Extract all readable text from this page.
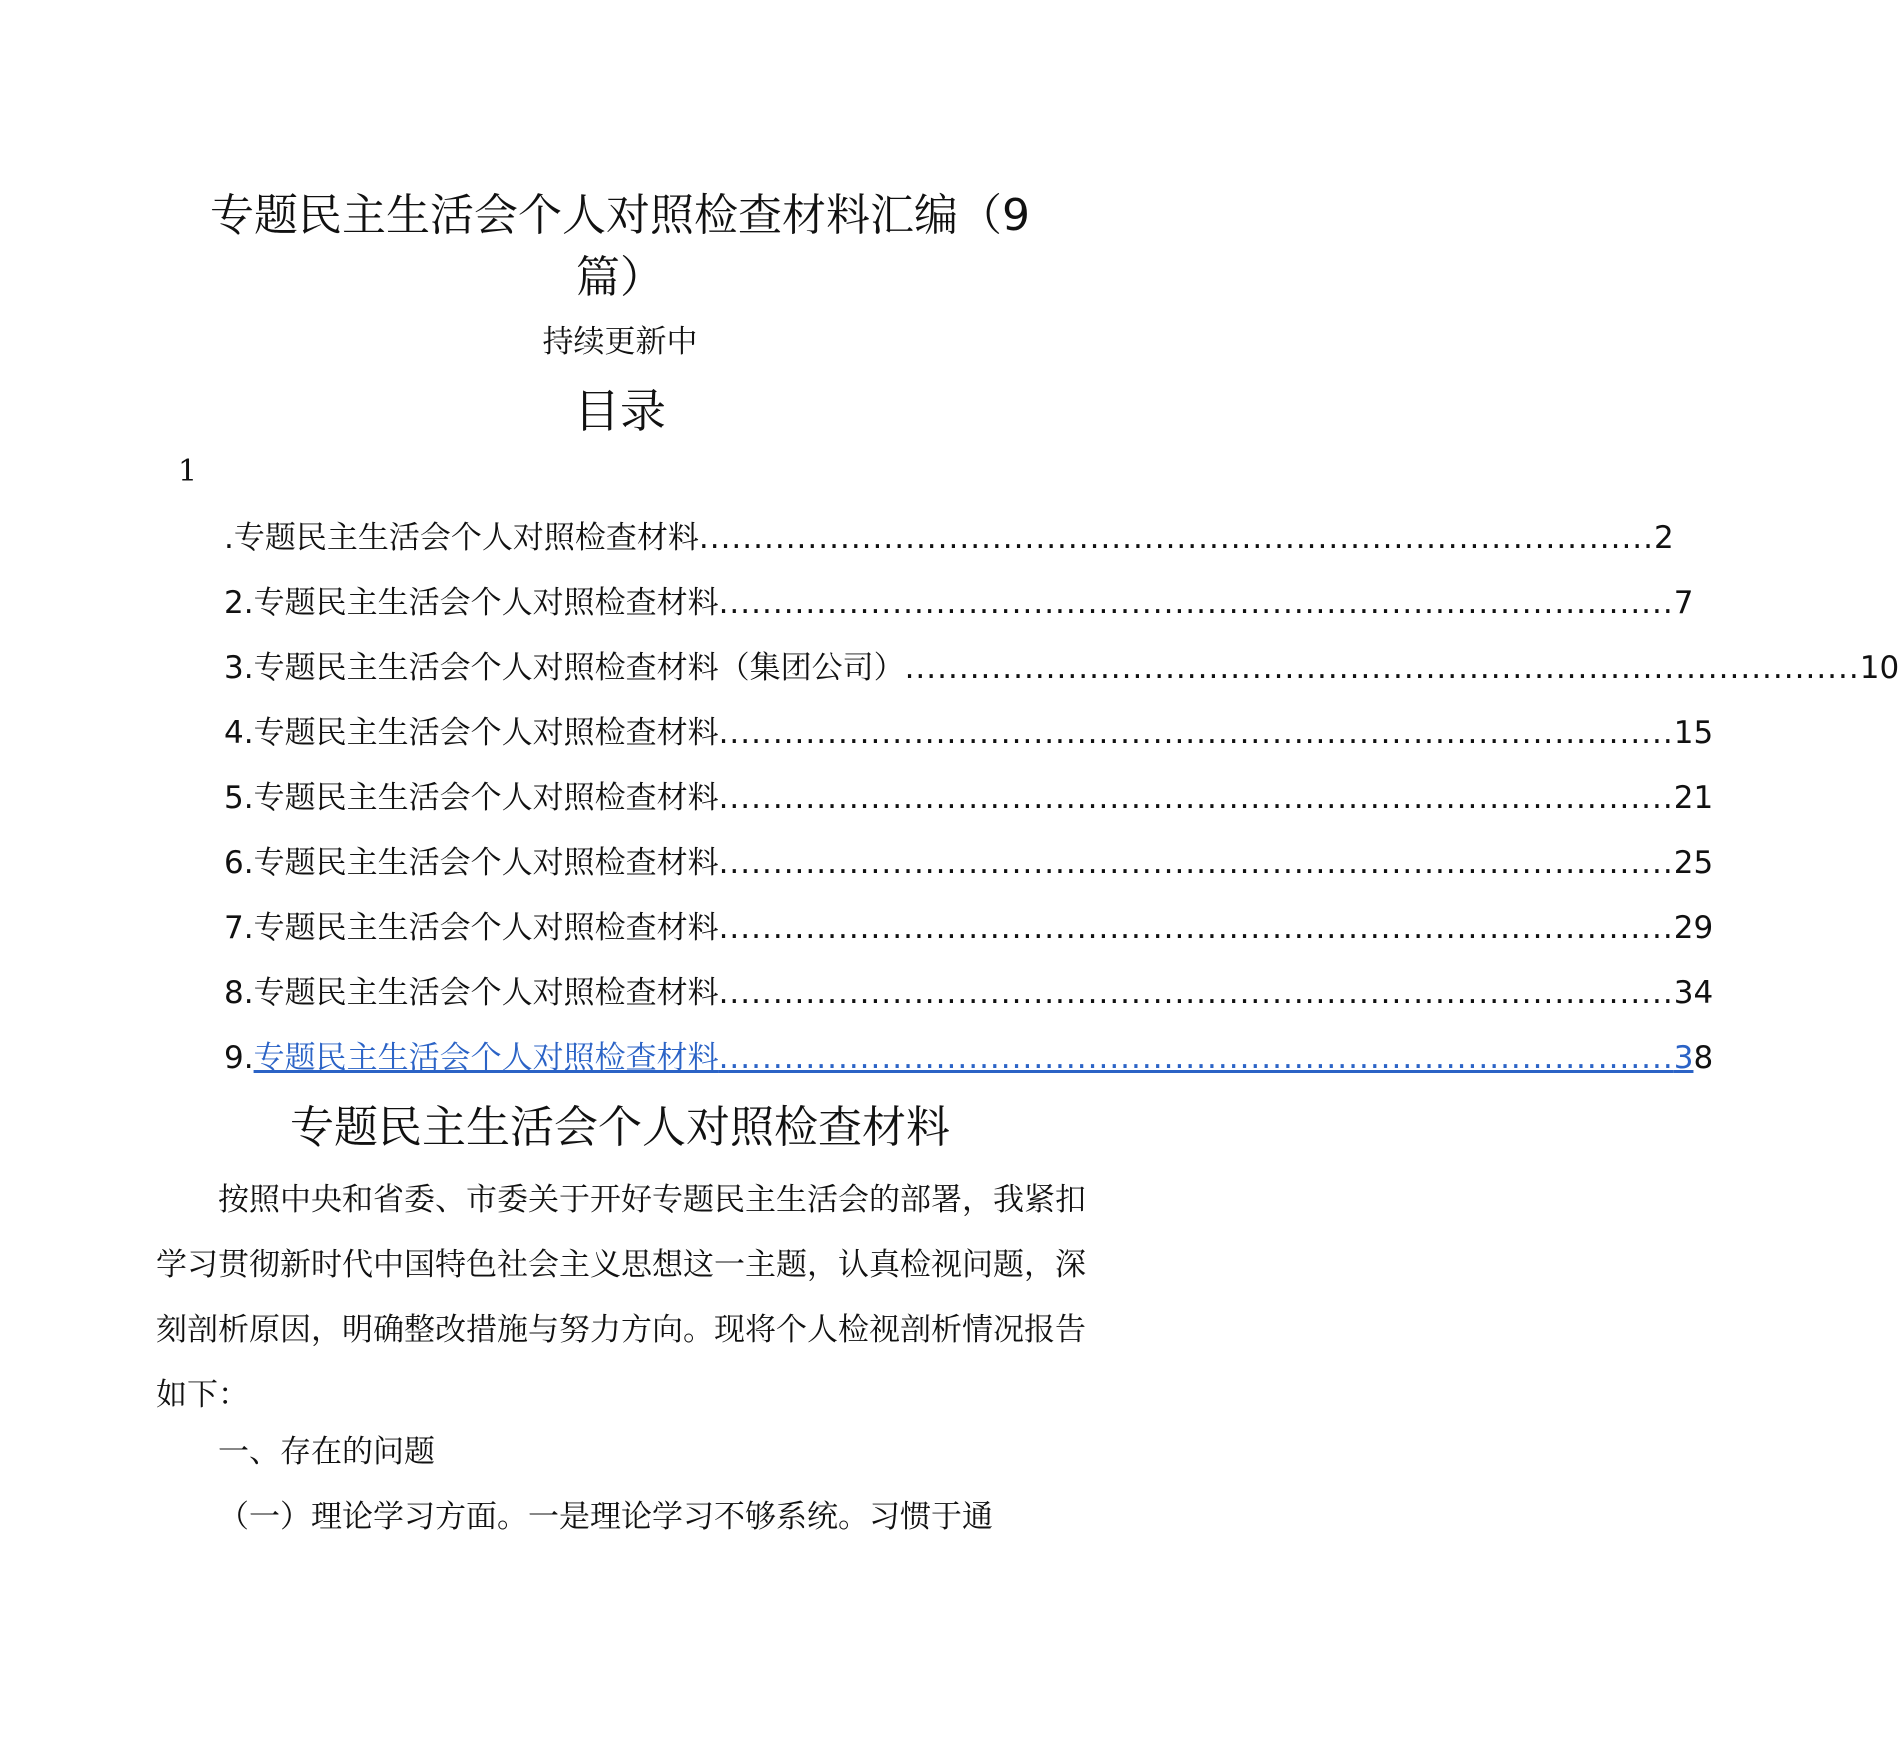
专题民主生活会个人对照检查材料汇编（9
篇）
持续更新中
目录
1
.专题民主生活会个人对照检查材料 ........................................................................................ 2
2.专题民主生活会个人对照检查材料 ........................................................................................ 7
3.专题民主生活会个人对照检查材料（集团公司） ........................................................................................ 10
4.专题民主生活会个人对照检查材料 ........................................................................................ 15
5.专题民主生活会个人对照检查材料 ........................................................................................ 21
6.专题民主生活会个人对照检查材料 ........................................................................................ 25
7.专题民主生活会个人对照检查材料 ........................................................................................ 29
8.专题民主生活会个人对照检查材料 ........................................................................................ 34
9. 专题民主生活会个人对照检查材料 ........................................................................................ 3 8
专题民主生活会个人对照检查材料
按照中央和省委、市委关于开好专题民主生活会的部署，我紧扣学习贯彻新时代中国特色社会主义思想这一主题，认真检视问题，深刻剖析原因，明确整改措施与努力方向。现将个人检视剖析情况报告如下：
一、存在的问题
（一）理论学习方面。一是理论学习不够系统。习惯于通
